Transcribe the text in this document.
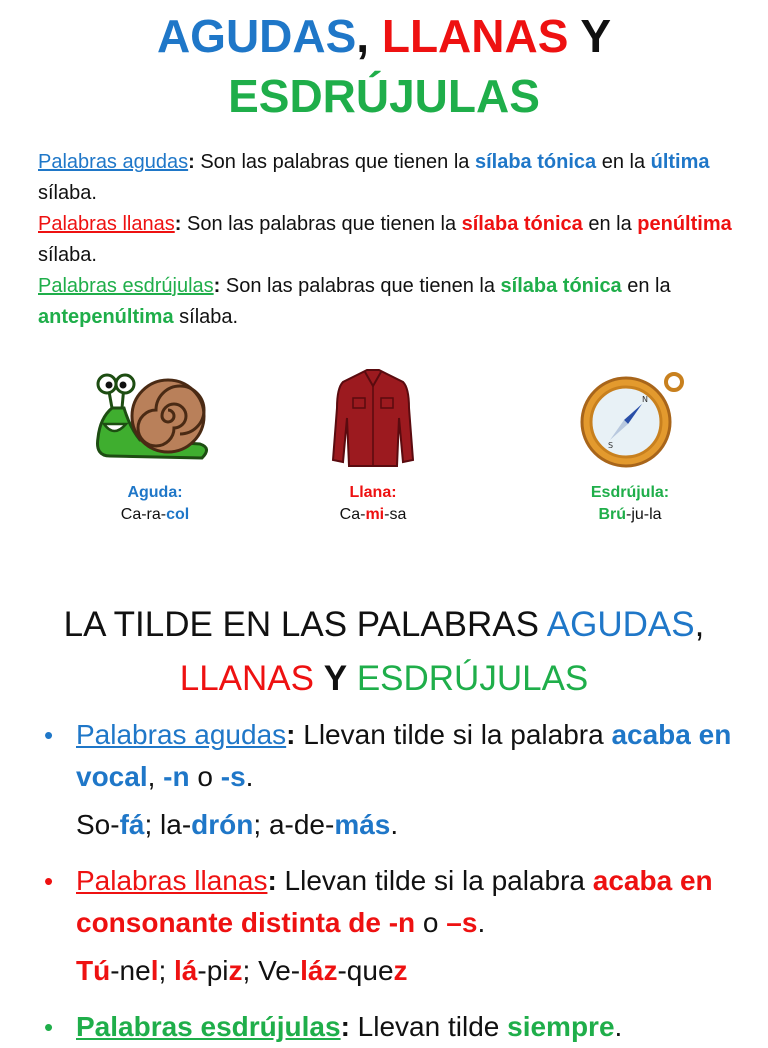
AGUDAS, LLANAS Y
ESDRÚJULAS

Palabras agudas: Son las palabras que tienen la sílaba tónica en la última sílaba.

Palabras llanas: Son las palabras que tienen la sílaba tónica en la penúltima sílaba.

Palabras esdrújulas: Son las palabras que tienen la sílaba tónica en la antepenúltima sílaba.

Aguda:
Ca-ra-col
Llana:
Ca-mi-sa
N
S
Esdrújula:
Brú-ju-la
LA TILDE EN LAS PALABRAS AGUDAS,
LLANAS Y ESDRÚJULAS
• Palabras agudas: Llevan tilde si la palabra acaba en vocal, -n o -s.
So-fá; la-drón; a-de-más.
• Palabras llanas: Llevan tilde si la palabra acaba en consonante distinta de -n o –s.
Tú-nel; lá-piz; Ve-láz-quez
• Palabras esdrújulas: Llevan tilde siempre.
